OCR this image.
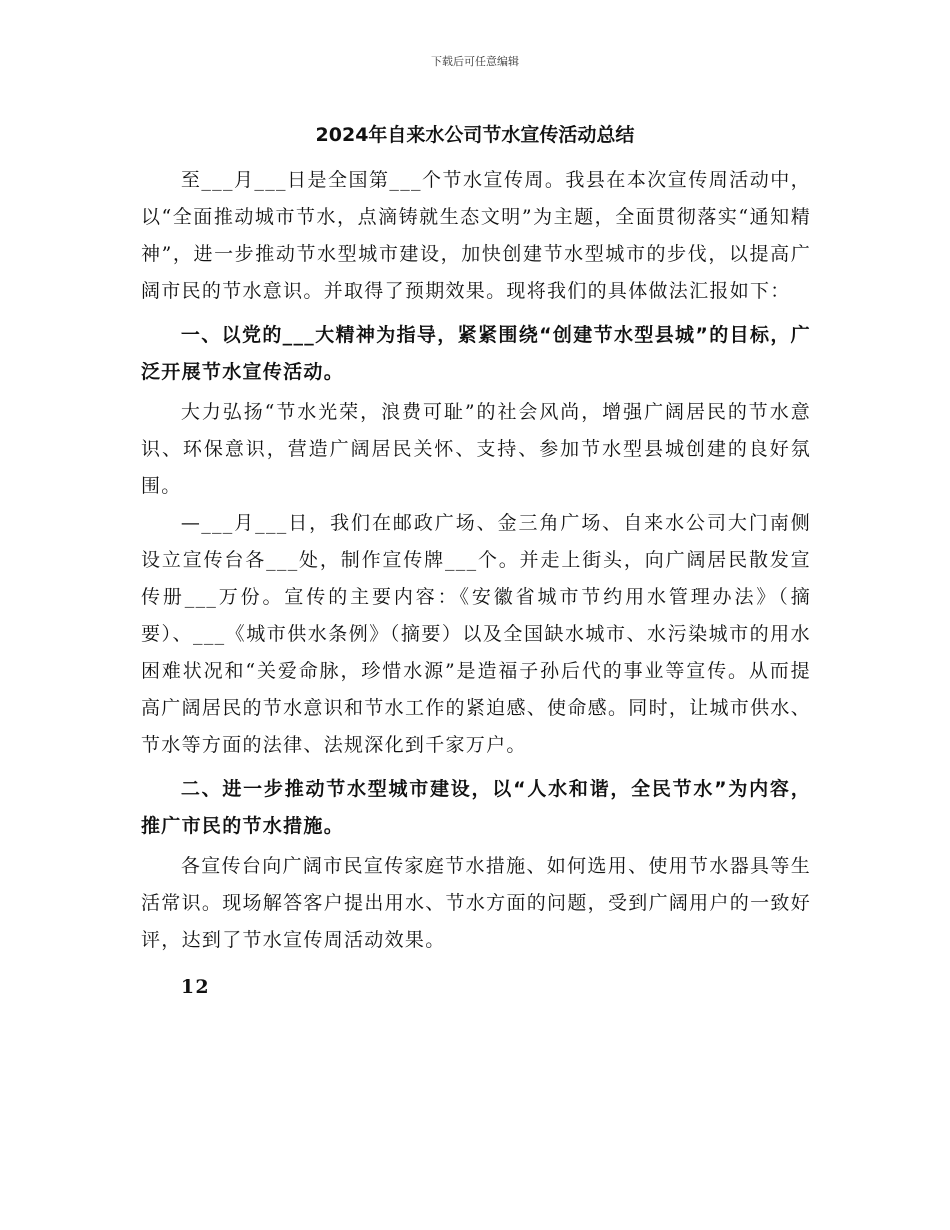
下载后可任意编辑
2024年自来水公司节水宣传活动总结

至___月___日是全国第___个节水宣传周。我县在本次宣传周活动中，以“全面推动城市节水，点滴铸就生态文明”为主题，全面贯彻落实“通知精神”，进一步推动节水型城市建设，加快创建节水型城市的步伐，以提高广阔市民的节水意识。并取得了预期效果。现将我们的具体做法汇报如下：

一、以党的___大精神为指导，紧紧围绕“创建节水型县城”的目标，广泛开展节水宣传活动。

大力弘扬“节水光荣，浪费可耻”的社会风尚，增强广阔居民的节水意识、环保意识，营造广阔居民关怀、支持、参加节水型县城创建的良好氛围。

—___月___日，我们在邮政广场、金三角广场、自来水公司大门南侧设立宣传台各___处，制作宣传牌___个。并走上街头，向广阔居民散发宣传册___万份。宣传的主要内容：《安徽省城市节约用水管理办法》（摘要）、___《城市供水条例》（摘要）以及全国缺水城市、水污染城市的用水困难状况和“关爱命脉，珍惜水源”是造福子孙后代的事业等宣传。从而提高广阔居民的节水意识和节水工作的紧迫感、使命感。同时，让城市供水、节水等方面的法律、法规深化到千家万户。

二、进一步推动节水型城市建设，以“人水和谐，全民节水”为内容，推广市民的节水措施。

各宣传台向广阔市民宣传家庭节水措施、如何选用、使用节水器具等生活常识。现场解答客户提出用水、节水方面的问题，受到广阔用户的一致好评，达到了节水宣传周活动效果。

12
